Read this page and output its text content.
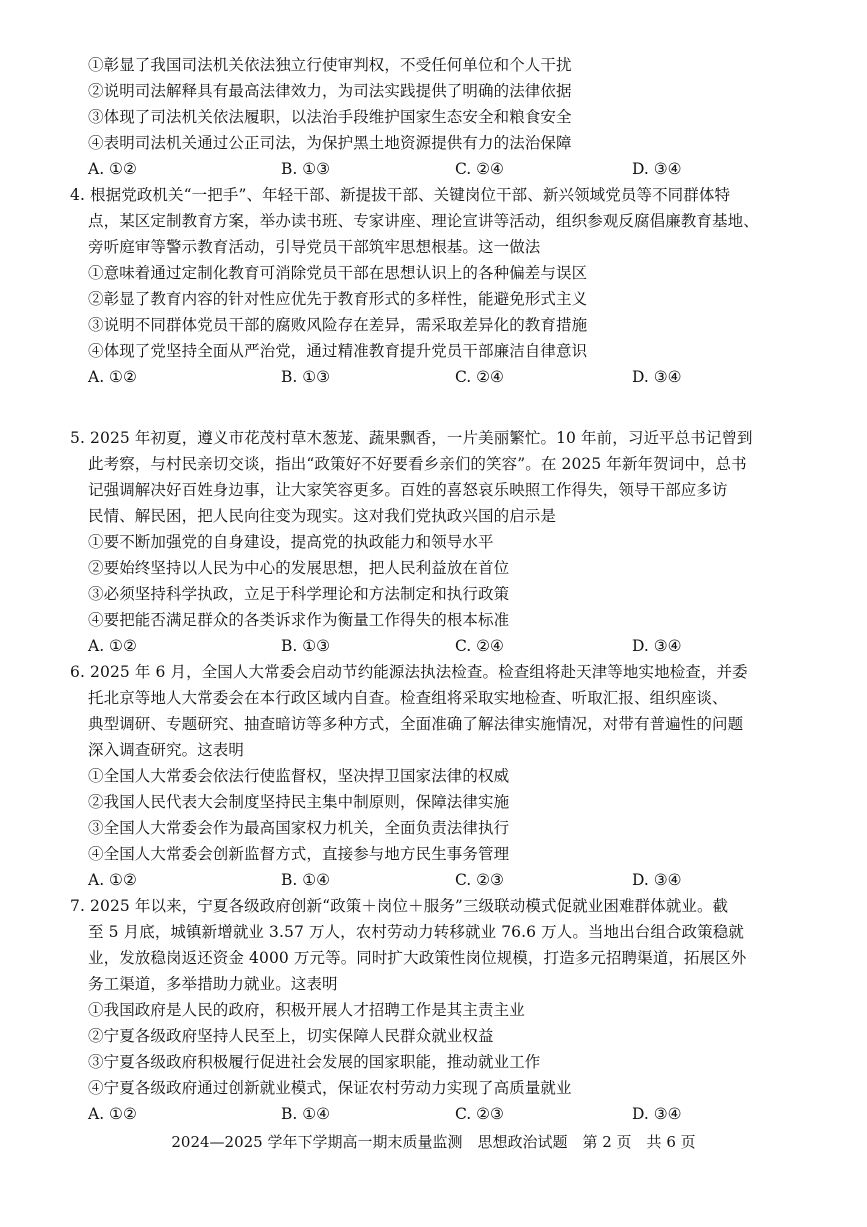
①彰显了我国司法机关依法独立行使审判权，不受任何单位和个人干扰
②说明司法解释具有最高法律效力，为司法实践提供了明确的法律依据
③体现了司法机关依法履职，以法治手段维护国家生态安全和粮食安全
④表明司法机关通过公正司法，为保护黑土地资源提供有力的法治保障
A. ①②	B. ①③	C. ②④	D. ③④
4. 根据党政机关“一把手”、年轻干部、新提拔干部、关键岗位干部、新兴领域党员等不同群体特
点，某区定制教育方案，举办读书班、专家讲座、理论宣讲等活动，组织参观反腐倡廉教育基地、
旁听庭审等警示教育活动，引导党员干部筑牢思想根基。这一做法
①意味着通过定制化教育可消除党员干部在思想认识上的各种偏差与误区
②彰显了教育内容的针对性应优先于教育形式的多样性，能避免形式主义
③说明不同群体党员干部的腐败风险存在差异，需采取差异化的教育措施
④体现了党坚持全面从严治党，通过精准教育提升党员干部廉洁自律意识
A. ①②	B. ①③	C. ②④	D. ③④
5. 2025 年初夏，遵义市花茂村草木葱茏、蔬果飘香，一片美丽繁忙。10 年前，习近平总书记曾到
此考察，与村民亲切交谈，指出“政策好不好要看乡亲们的笑容”。在 2025 年新年贺词中，总书
记强调解决好百姓身边事，让大家笑容更多。百姓的喜怒哀乐映照工作得失，领导干部应多访
民情、解民困，把人民向往变为现实。这对我们党执政兴国的启示是
①要不断加强党的自身建设，提高党的执政能力和领导水平
②要始终坚持以人民为中心的发展思想，把人民利益放在首位
③必须坚持科学执政，立足于科学理论和方法制定和执行政策
④要把能否满足群众的各类诉求作为衡量工作得失的根本标准
A. ①②	B. ①③	C. ②④	D. ③④
6. 2025 年 6 月，全国人大常委会启动节约能源法执法检查。检查组将赴天津等地实地检查，并委
托北京等地人大常委会在本行政区域内自查。检查组将采取实地检查、听取汇报、组织座谈、
典型调研、专题研究、抽查暗访等多种方式，全面准确了解法律实施情况，对带有普遍性的问题
深入调查研究。这表明
①全国人大常委会依法行使监督权，坚决捍卫国家法律的权威
②我国人民代表大会制度坚持民主集中制原则，保障法律实施
③全国人大常委会作为最高国家权力机关，全面负责法律执行
④全国人大常委会创新监督方式，直接参与地方民生事务管理
A. ①②	B. ①④	C. ②③	D. ③④
7. 2025 年以来，宁夏各级政府创新“政策＋岗位＋服务”三级联动模式促就业困难群体就业。截
至 5 月底，城镇新增就业 3.57 万人，农村劳动力转移就业 76.6 万人。当地出台组合政策稳就
业，发放稳岗返还资金 4000 万元等。同时扩大政策性岗位规模，打造多元招聘渠道，拓展区外
务工渠道，多举措助力就业。这表明
①我国政府是人民的政府，积极开展人才招聘工作是其主责主业
②宁夏各级政府坚持人民至上，切实保障人民群众就业权益
③宁夏各级政府积极履行促进社会发展的国家职能，推动就业工作
④宁夏各级政府通过创新就业模式，保证农村劳动力实现了高质量就业
A. ①②	B. ①④	C. ②③	D. ③④
2024—2025 学年下学期高一期末质量监测　思想政治试题　第 2 页　共 6 页
